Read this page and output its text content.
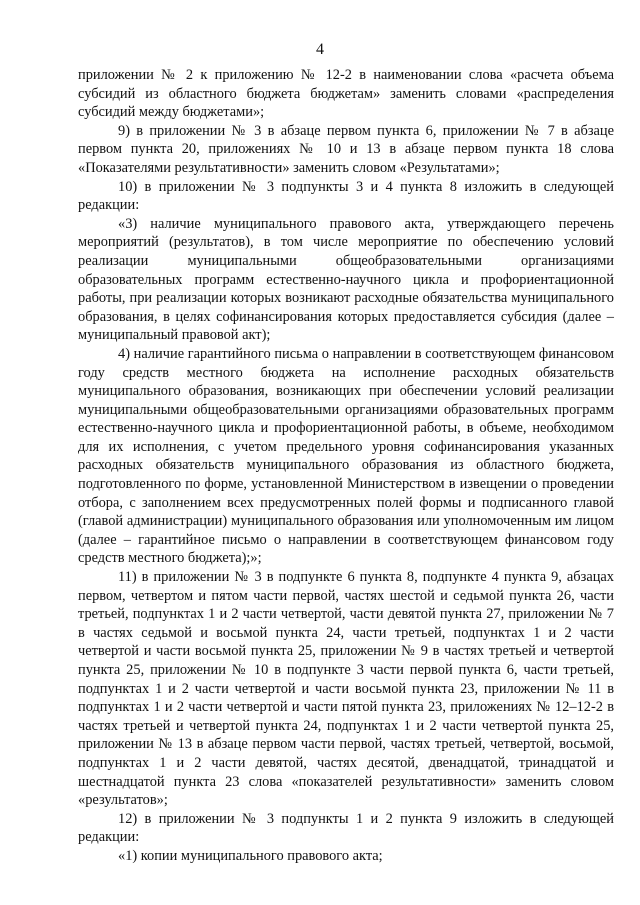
4

приложении № 2 к приложению № 12-2 в наименовании слова «расчета объема субсидий из областного бюджета бюджетам» заменить словами «распределения субсидий между бюджетами»;

9) в приложении № 3 в абзаце первом пункта 6, приложении № 7 в абзаце первом пункта 20, приложениях № 10 и 13 в абзаце первом пункта 18 слова «Показателями результативности» заменить словом «Результатами»;

10) в приложении № 3 подпункты 3 и 4 пункта 8 изложить в следующей редакции:

«3) наличие муниципального правового акта, утверждающего перечень мероприятий (результатов), в том числе мероприятие по обеспечению условий реализации муниципальными общеобразовательными организациями образовательных программ естественно-научного цикла и профориентационной работы, при реализации которых возникают расходные обязательства муниципального образования, в целях софинансирования которых предоставляется субсидия (далее – муниципальный правовой акт);

4) наличие гарантийного письма о направлении в соответствующем финансовом году средств местного бюджета на исполнение расходных обязательств муниципального образования, возникающих при обеспечении условий реализации муниципальными общеобразовательными организациями образовательных программ естественно-научного цикла и профориентационной работы, в объеме, необходимом для их исполнения, с учетом предельного уровня софинансирования указанных расходных обязательств муниципального образования из областного бюджета, подготовленного по форме, установленной Министерством в извещении о проведении отбора, с заполнением всех предусмотренных полей формы и подписанного главой (главой администрации) муниципального образования или уполномоченным им лицом (далее – гарантийное письмо о направлении в соответствующем финансовом году средств местного бюджета);»;

11) в приложении № 3 в подпункте 6 пункта 8, подпункте 4 пункта 9, абзацах первом, четвертом и пятом части первой, частях шестой и седьмой пункта 26, части третьей, подпунктах 1 и 2 части четвертой, части девятой пункта 27, приложении № 7 в частях седьмой и восьмой пункта 24, части третьей, подпунктах 1 и 2 части четвертой и части восьмой пункта 25, приложении № 9 в частях третьей и четвертой пункта 25, приложении № 10 в подпункте 3 части первой пункта 6, части третьей, подпунктах 1 и 2 части четвертой и части восьмой пункта 23, приложении № 11 в подпунктах 1 и 2 части четвертой и части пятой пункта 23, приложениях № 12–12-2 в частях третьей и четвертой пункта 24, подпунктах 1 и 2 части четвертой пункта 25, приложении № 13 в абзаце первом части первой, частях третьей, четвертой, восьмой, подпунктах 1 и 2 части девятой, частях десятой, двенадцатой, тринадцатой и шестнадцатой пункта 23 слова «показателей результативности» заменить словом «результатов»;

12) в приложении № 3 подпункты 1 и 2 пункта 9 изложить в следующей редакции:

«1) копии муниципального правового акта;
